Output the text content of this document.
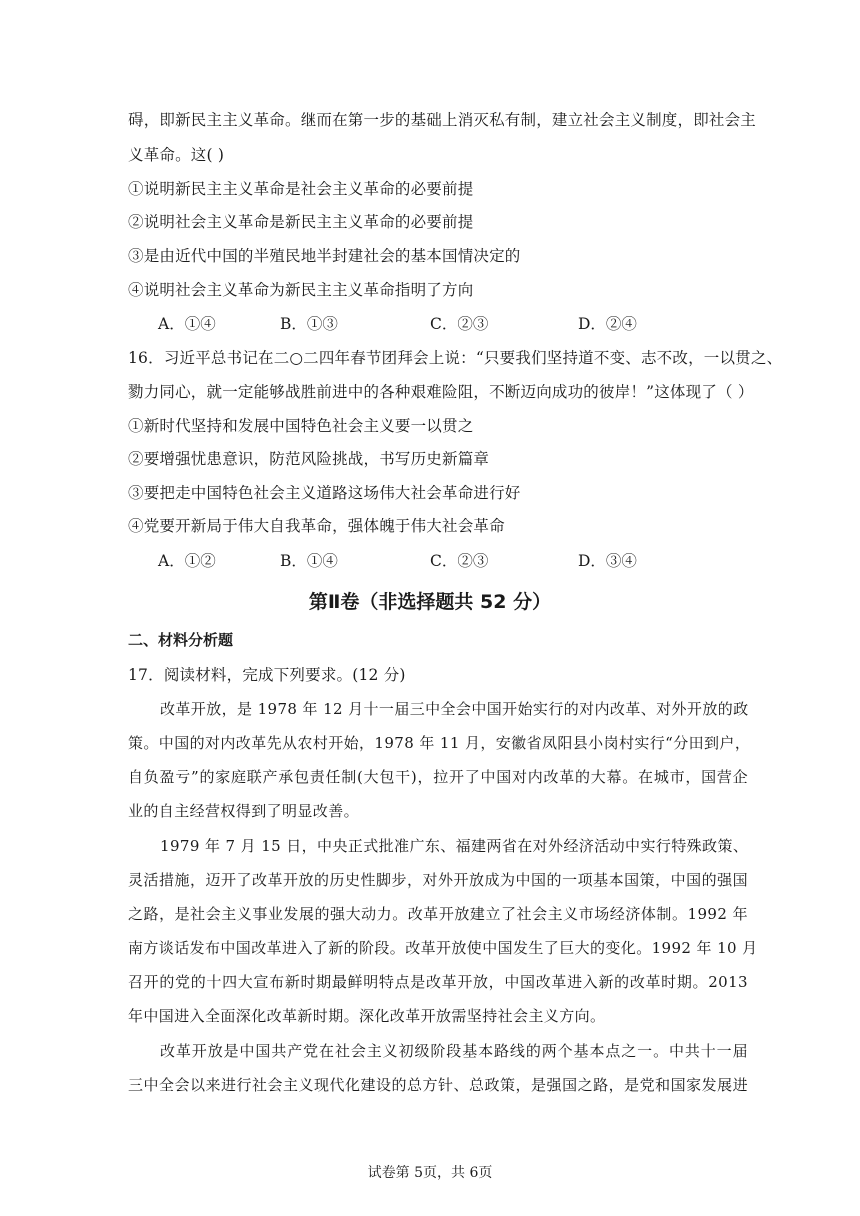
碍，即新民主主义革命。继而在第一步的基础上消灭私有制，建立社会主义制度，即社会主
义革命。这( )
①说明新民主主义革命是社会主义革命的必要前提
②说明社会主义革命是新民主主义革命的必要前提
③是由近代中国的半殖民地半封建社会的基本国情决定的
④说明社会主义革命为新民主主义革命指明了方向
A．①④	B．①③	C．②③	D．②④
16．习近平总书记在二○二四年春节团拜会上说：“只要我们坚持道不变、志不改，一以贯之、
勠力同心，就一定能够战胜前进中的各种艰难险阻，不断迈向成功的彼岸！”这体现了（ ）
①新时代坚持和发展中国特色社会主义要一以贯之
②要增强忧患意识，防范风险挑战，书写历史新篇章
③要把走中国特色社会主义道路这场伟大社会革命进行好
④党要开新局于伟大自我革命，强体魄于伟大社会革命
A．①②	B．①④	C．②③	D．③④
第Ⅱ卷（非选择题共 52 分）
二、材料分析题
17．阅读材料，完成下列要求。(12 分)
改革开放，是 1978 年 12 月十一届三中全会中国开始实行的对内改革、对外开放的政
策。中国的对内改革先从农村开始，1978 年 11 月，安徽省凤阳县小岗村实行“分田到户，
自负盈亏”的家庭联产承包责任制(大包干)，拉开了中国对内改革的大幕。在城市，国营企
业的自主经营权得到了明显改善。
1979 年 7 月 15 日，中央正式批准广东、福建两省在对外经济活动中实行特殊政策、
灵活措施，迈开了改革开放的历史性脚步，对外开放成为中国的一项基本国策，中国的强国
之路，是社会主义事业发展的强大动力。改革开放建立了社会主义市场经济体制。1992 年
南方谈话发布中国改革进入了新的阶段。改革开放使中国发生了巨大的变化。1992 年 10 月
召开的党的十四大宣布新时期最鲜明特点是改革开放，中国改革进入新的改革时期。2013
年中国进入全面深化改革新时期。深化改革开放需坚持社会主义方向。
改革开放是中国共产党在社会主义初级阶段基本路线的两个基本点之一。中共十一届
三中全会以来进行社会主义现代化建设的总方针、总政策，是强国之路，是党和国家发展进
试卷第 5页，共 6页
